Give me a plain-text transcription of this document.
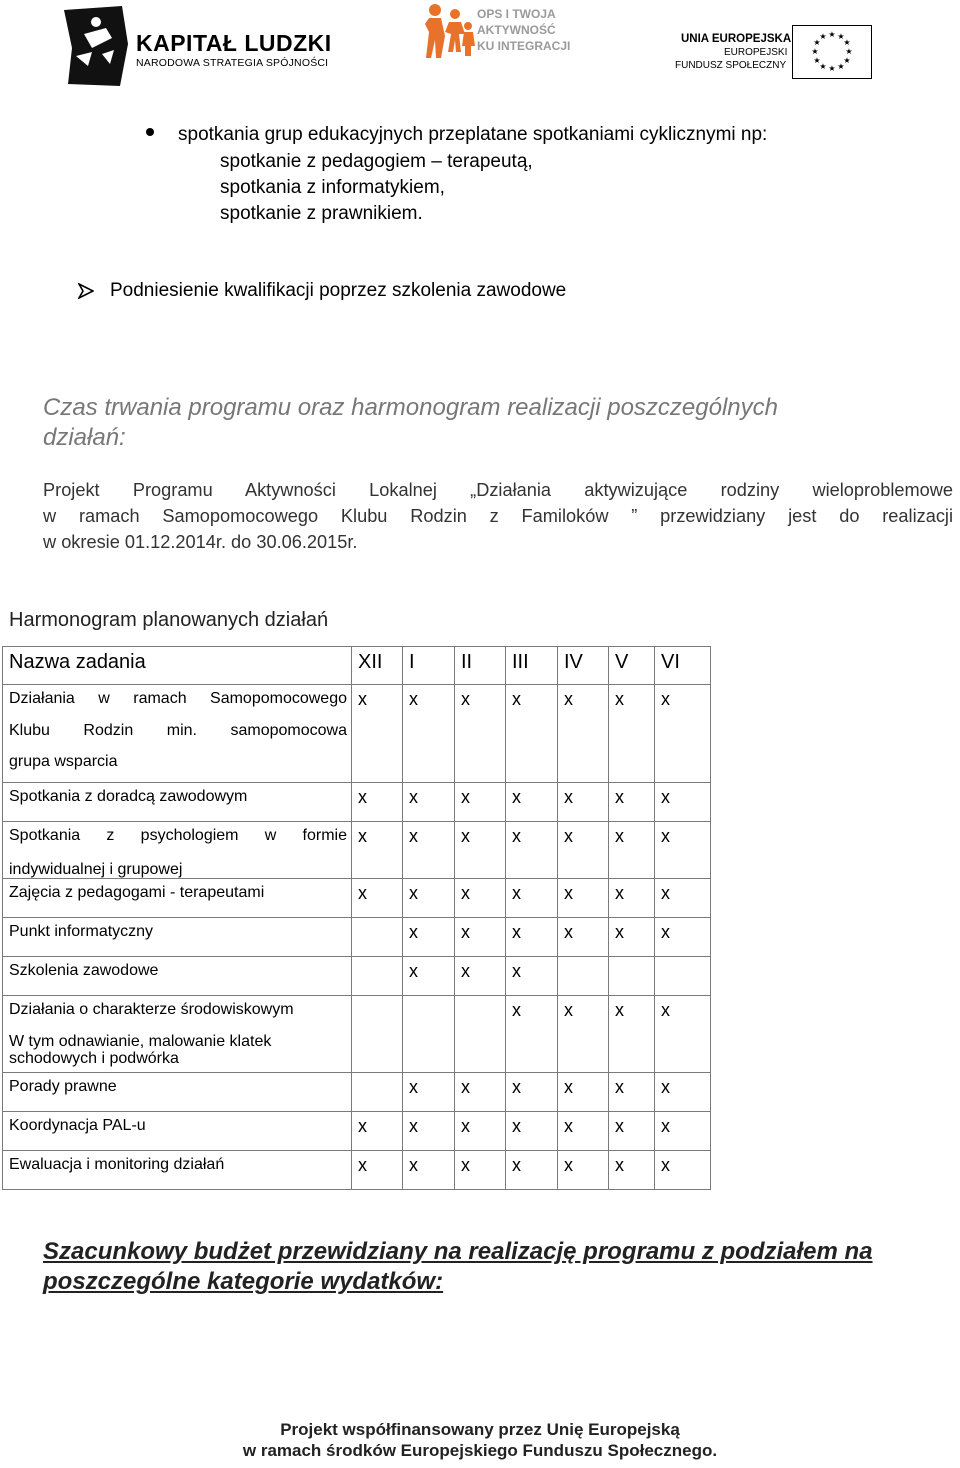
KAPITAŁ LUDZKI
NARODOWA STRATEGIA SPÓJNOŚCI
OPS I TWOJA
AKTYWNOŚĆ
KU INTEGRACJI	UNIA EUROPEJSKA
EUROPEJSKI
FUNDUSZ SPOŁECZNY
★ ★
★
★
★
★
★
★
★
★
★
★
spotkania grup edukacyjnych przeplatane spotkaniami cyklicznymi np:
spotkanie z pedagogiem – terapeutą,
spotkania z informatykiem,
spotkanie z prawnikiem.
Podniesienie kwalifikacji poprzez szkolenia zawodowe
Czas trwania programu oraz harmonogram realizacji poszczególnych
działań:
Projekt Programu Aktywności Lokalnej „Działania aktywizujące rodziny wieloproblemowe
w ramach Samopomocowego Klubu Rodzin z Familoków ” przewidziany jest do realizacji
w okresie 01.12.2014r. do 30.06.2015r.
Harmonogram planowanych działań
Nazwa zadania	XII	I	II	III	IV	V	VI

Działania w ramach Samopomocowego
Klubu Rodzin min. samopomocowa
grupa wsparcia	x	x	x	x	x	x	x

Spotkania z doradcą zawodowym	x	x	x	x	x	x	x

Spotkania z psychologiem w formie
indywidualnej i grupowej	x	x	x	x	x	x	x

Zajęcia z pedagogami - terapeutami	x	x	x	x	x	x	x

Punkt informatyczny		x	x	x	x	x	x

Szkolenia zawodowe		x	x	x			

Działania o charakterze środowiskowym
W tym odnawianie, malowanie klatek
schodowych i podwórka				x	x	x	x

Porady prawne		x	x	x	x	x	x

Koordynacja PAL-u	x	x	x	x	x	x	x

Ewaluacja i monitoring działań	x	x	x	x	x	x	x
Szacunkowy budżet przewidziany na realizację programu z podziałem na
poszczególne kategorie wydatków:
Projekt współfinansowany przez Unię Europejską
w ramach środków Europejskiego Funduszu Społecznego.
